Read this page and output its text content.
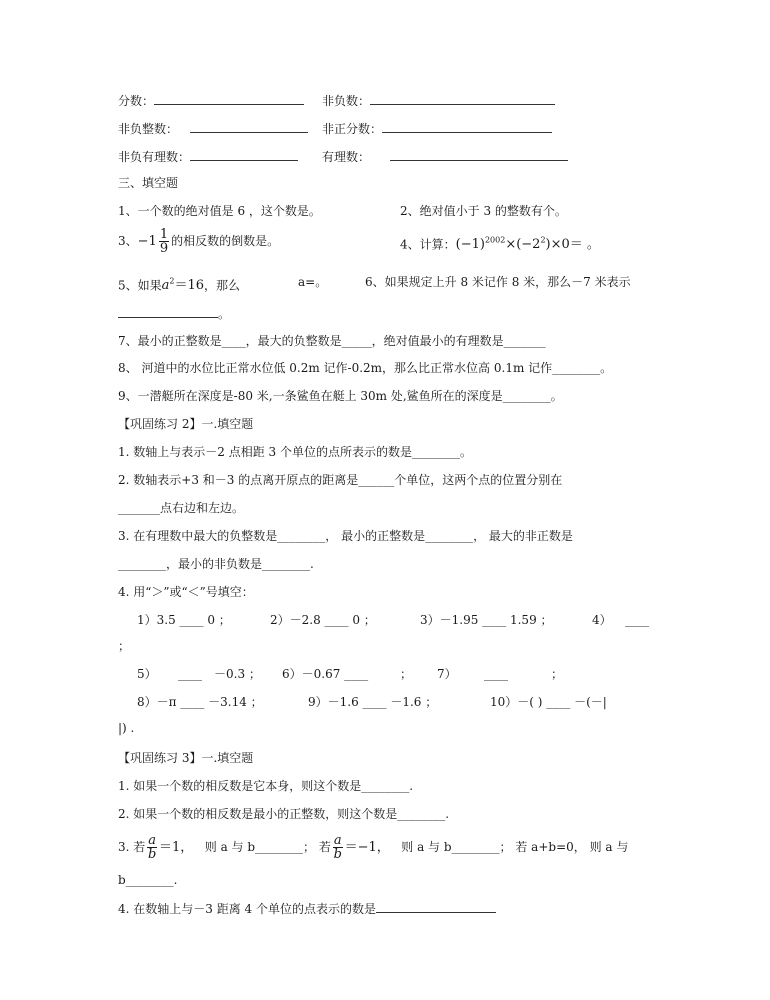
分数：	非负数：
非负整数：	非正分数：
非负有理数：	有理数：
三、填空题
1、一个数的绝对值是 6 ，这个数是。	2、绝对值小于 3 的整数有个。
3、 $-1 \frac{1}{9}$ 的相反数的倒数是。	4、计算：$(-1)^{2002}\times(-2^2)\times 0=$ 。
5、如果$a^2=16$，那么	a=。	6、如果规定上升 8 米记作 8 米，那么－7 米表示
。
7、最小的正整数是____，最大的负整数是_____，绝对值最小的有理数是_______
8、 河道中的水位比正常水位低 0.2m 记作-0.2m，那么比正常水位高 0.1m 记作________。
9、一潜艇所在深度是-80 米,一条鲨鱼在艇上 30m 处,鲨鱼所在的深度是________。
【巩固练习 2】一.填空题
1. 数轴上与表示－2 点相距 3 个单位的点所表示的数是________。
2. 数轴表示+3 和－3 的点离开原点的距离是______个单位，这两个点的位置分别在
_______点右边和左边。
3. 在有理数中最大的负整数是________， 最小的正整数是________， 最大的非正数是
________，最小的非负数是________.
4. 用“＞”或“＜”号填空：
1）3.5 ____ 0 ；	2）－2.8 ____ 0 ；	3）－1.95 ____ 1.59 ；	4） ____
；
5） ____ －0.3 ； 6）－0.67 ____	； 7） ____	；
8）－π ____ －3.14 ；	9）－1.6 ____ －1.6 ；	10）－( ) ____ －(－|
|) .
【巩固练习 3】一.填空题
1. 如果一个数的相反数是它本身，则这个数是________.
2. 如果一个数的相反数是最小的正整数，则这个数是________.
3. 若 $\frac{a}{b} =1$， 则 a 与 b________； 若 $\frac{a}{b} =-1$， 则 a 与 b________； 若 a+b=0， 则 a 与
b________.
4. 在数轴上与－3 距离 4 个单位的点表示的数是
